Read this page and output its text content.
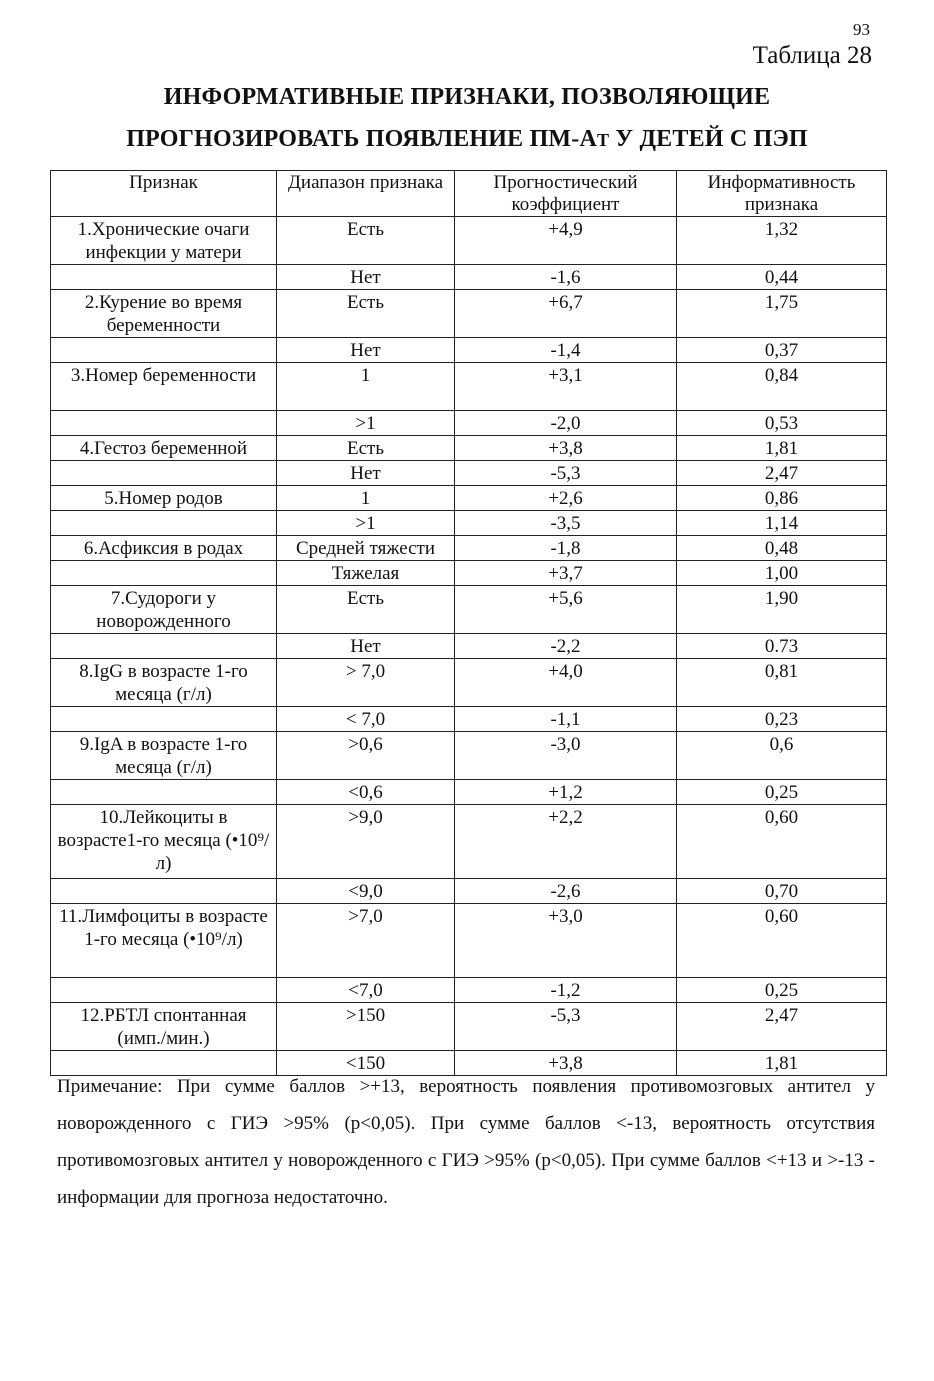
93
Таблица 28
ИНФОРМАТИВНЫЕ ПРИЗНАКИ, ПОЗВОЛЯЮЩИЕ
ПРОГНОЗИРОВАТЬ ПОЯВЛЕНИЕ ПМ-АТ У ДЕТЕЙ С ПЭП
Признак	Диапазон признака	Прогностический коэффициент	Информативность признака
1.Хронические очаги инфекции у матери	Есть	+4,9	1,32
	Нет	-1,6	0,44
2.Курение во время беременности	Есть	+6,7	1,75
	Нет	-1,4	0,37
3.Номер беременности	1	+3,1	0,84
	>1	-2,0	0,53
4.Гестоз беременной	Есть	+3,8	1,81
	Нет	-5,3	2,47
5.Номер родов	1	+2,6	0,86
	>1	-3,5	1,14
6.Асфиксия в родах	Средней тяжести	-1,8	0,48
	Тяжелая	+3,7	1,00
7.Судороги у новорожденного	Есть	+5,6	1,90
	Нет	-2,2	0.73
8.IgG в возрасте 1-го месяца (г/л)	> 7,0	+4,0	0,81
	< 7,0	-1,1	0,23
9.IgA в возрасте 1-го месяца (г/л)	>0,6	-3,0	0,6
	<0,6	+1,2	0,25
10.Лейкоциты в возрасте1-го месяца (•10⁹/л)	>9,0	+2,2	0,60
	<9,0	-2,6	0,70
11.Лимфоциты в возрасте 1-го месяца (•10⁹/л)	>7,0	+3,0	0,60
	<7,0	-1,2	0,25
12.РБТЛ спонтанная (имп./мин.)	>150	-5,3	2,47
	<150	+3,8	1,81
Примечание: При сумме баллов >+13, вероятность появления противомозговых антител у новорожденного с ГИЭ >95% (p<0,05). При сумме баллов <-13, вероятность отсутствия противомозговых антител у новорожденного с ГИЭ >95% (p<0,05). При сумме баллов <+13 и >-13 - информации для прогноза недостаточно.
